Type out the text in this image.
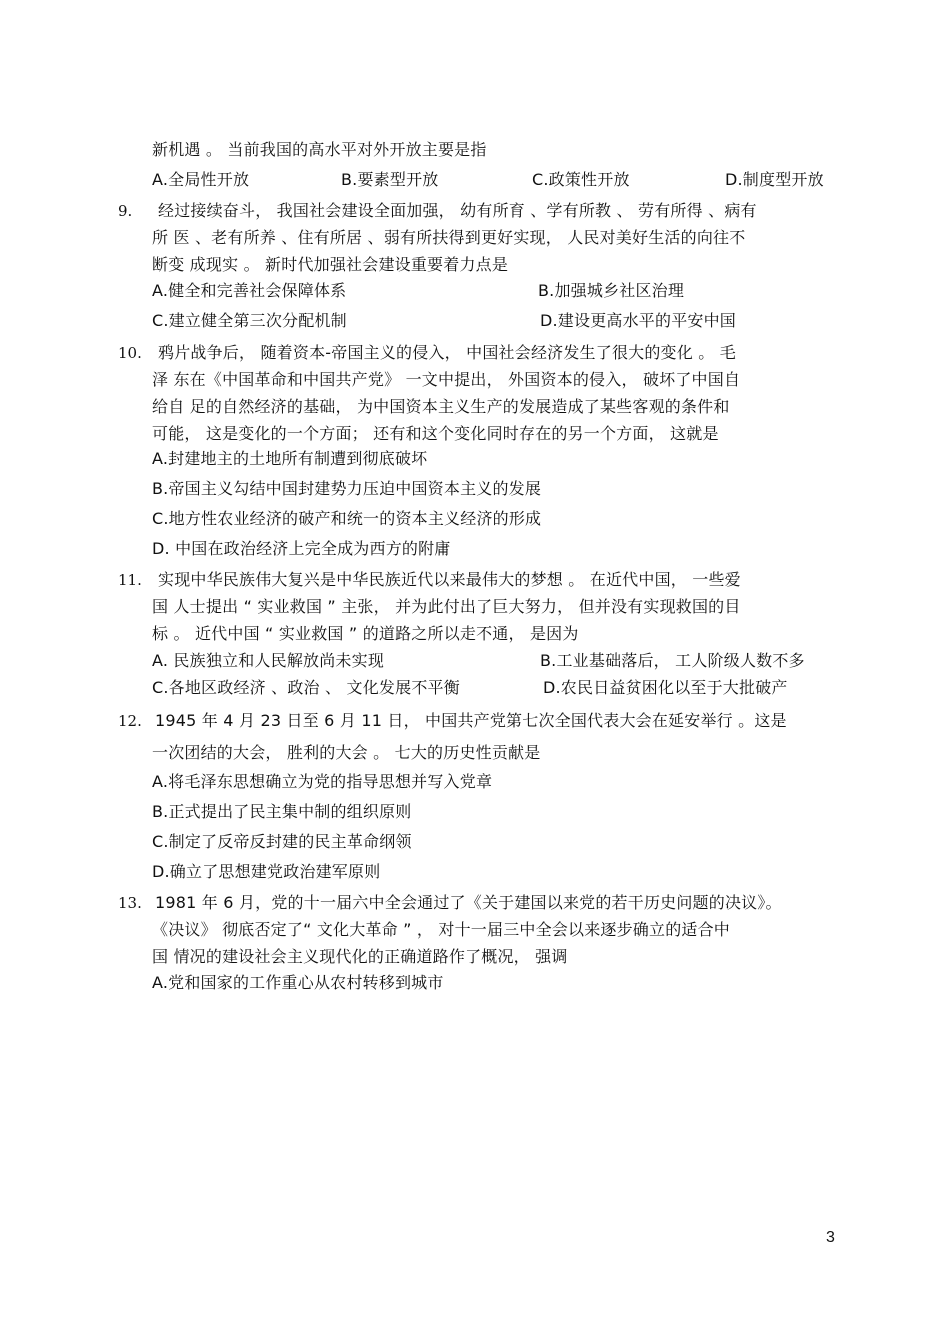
新机遇 。 当前我国的高水平对外开放主要是指
A.全局性开放	B.要素型开放	C.政策性开放	D.制度型开放
9. 经过接续奋斗， 我国社会建设全面加强， 幼有所育 、学有所教 、 劳有所得 、病有
所 医 、老有所养 、住有所居 、弱有所扶得到更好实现， 人民对美好生活的向往不
断变 成现实 。 新时代加强社会建设重要着力点是
A.健全和完善社会保障体系	B.加强城乡社区治理
C.建立健全第三次分配机制	D.建设更高水平的平安中国
10. 鸦片战争后， 随着资本-帝国主义的侵入， 中国社会经济发生了很大的变化 。 毛
泽 东在《中国革命和中国共产党》 一文中提出， 外国资本的侵入， 破坏了中国自
给自 足的自然经济的基础， 为中国资本主义生产的发展造成了某些客观的条件和
可能， 这是变化的一个方面； 还有和这个变化同时存在的另一个方面， 这就是
A.封建地主的土地所有制遭到彻底破坏
B.帝国主义勾结中国封建势力压迫中国资本主义的发展
C.地方性农业经济的破产和统一的资本主义经济的形成
D. 中国在政治经济上完全成为西方的附庸
11. 实现中华民族伟大复兴是中华民族近代以来最伟大的梦想 。 在近代中国， 一些爱
国 人士提出 “ 实业救国 ” 主张， 并为此付出了巨大努力， 但并没有实现救国的目
标 。 近代中国 “ 实业救国 ” 的道路之所以走不通， 是因为
A. 民族独立和人民解放尚未实现	B.工业基础落后， 工人阶级人数不多
C.各地区政经济 、政治 、 文化发展不平衡	D.农民日益贫困化以至于大批破产
12. 1945 年 4 月 23 日至 6 月 11 日， 中国共产党第七次全国代表大会在延安举行 。这是
一次团结的大会， 胜利的大会 。 七大的历史性贡献是
A.将毛泽东思想确立为党的指导思想并写入党章
B.正式提出了民主集中制的组织原则
C.制定了反帝反封建的民主革命纲领
D.确立了思想建党政治建军原则
13. 1981 年 6 月，党的十一届六中全会通过了《关于建国以来党的若干历史问题的决议》。
《决议》 彻底否定了“ 文化大革命 ” ， 对十一届三中全会以来逐步确立的适合中
国 情况的建设社会主义现代化的正确道路作了概况， 强调
A.党和国家的工作重心从农村转移到城市
3
